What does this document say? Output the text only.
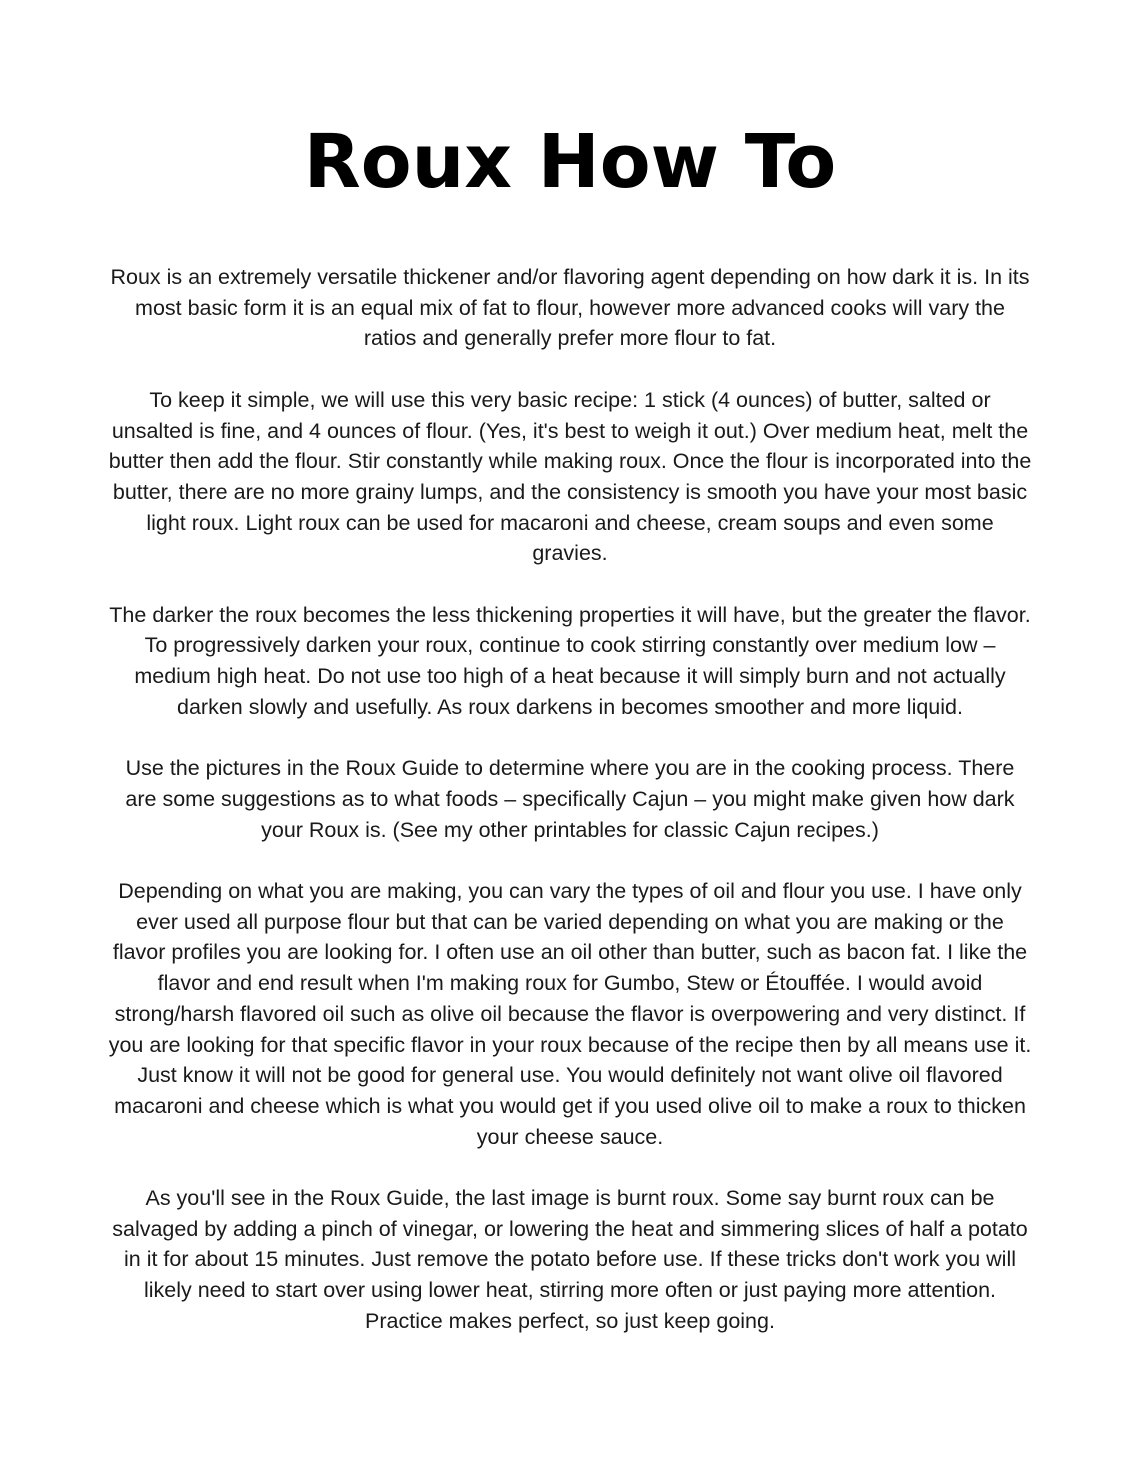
Roux How To

Roux is an extremely versatile thickener and/or flavoring agent depending on how dark it is. In its most basic form it is an equal mix of fat to flour, however more advanced cooks will vary the ratios and generally prefer more flour to fat.

To keep it simple, we will use this very basic recipe: 1 stick (4 ounces) of butter, salted or unsalted is fine, and 4 ounces of flour. (Yes, it's best to weigh it out.) Over medium heat, melt the butter then add the flour. Stir constantly while making roux. Once the flour is incorporated into the butter, there are no more grainy lumps, and the consistency is smooth you have your most basic light roux. Light roux can be used for macaroni and cheese, cream soups and even some gravies.

The darker the roux becomes the less thickening properties it will have, but the greater the flavor. To progressively darken your roux, continue to cook stirring constantly over medium low – medium high heat. Do not use too high of a heat because it will simply burn and not actually darken slowly and usefully. As roux darkens in becomes smoother and more liquid.

Use the pictures in the Roux Guide to determine where you are in the cooking process. There are some suggestions as to what foods – specifically Cajun – you might make given how dark your Roux is. (See my other printables for classic Cajun recipes.)

Depending on what you are making, you can vary the types of oil and flour you use. I have only ever used all purpose flour but that can be varied depending on what you are making or the flavor profiles you are looking for. I often use an oil other than butter, such as bacon fat. I like the flavor and end result when I'm making roux for Gumbo, Stew or Étouffée. I would avoid strong/harsh flavored oil such as olive oil because the flavor is overpowering and very distinct. If you are looking for that specific flavor in your roux because of the recipe then by all means use it. Just know it will not be good for general use. You would definitely not want olive oil flavored macaroni and cheese which is what you would get if you used olive oil to make a roux to thicken your cheese sauce.

As you'll see in the Roux Guide, the last image is burnt roux. Some say burnt roux can be salvaged by adding a pinch of vinegar, or lowering the heat and simmering slices of half a potato in it for about 15 minutes. Just remove the potato before use. If these tricks don't work you will likely need to start over using lower heat, stirring more often or just paying more attention. Practice makes perfect, so just keep going.
